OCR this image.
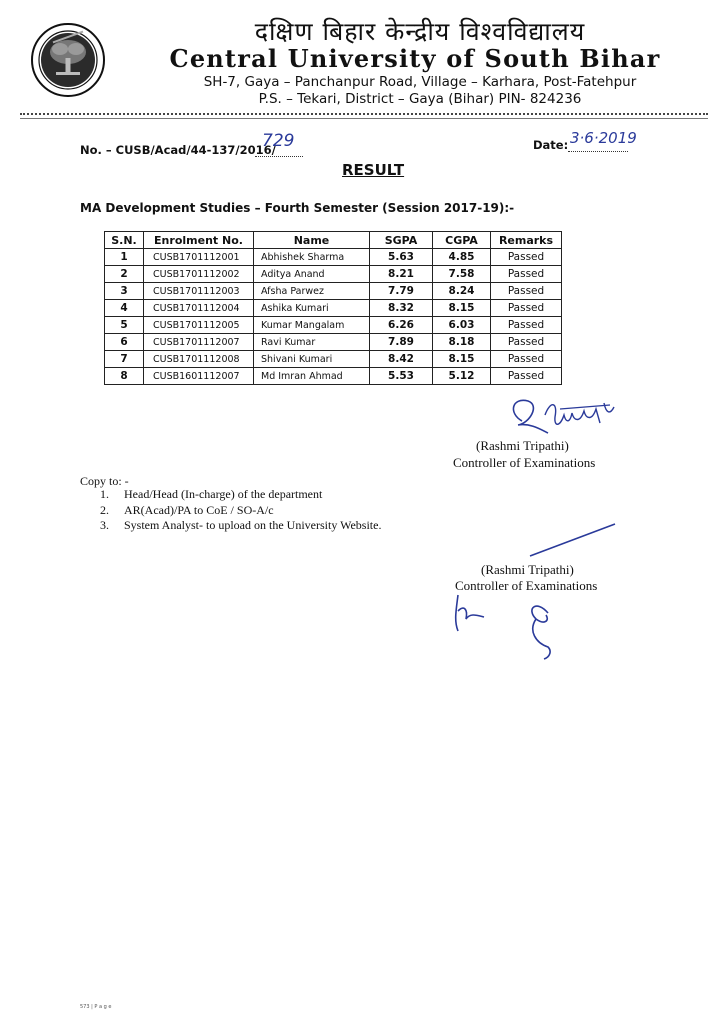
दक्षिण बिहार केन्द्रीय विश्वविद्यालय
Central University of South Bihar
SH-7, Gaya – Panchanpur Road, Village – Karhara, Post-Fatehpur
P.S. – Tekari, District – Gaya (Bihar) PIN- 824236
No. – CUSB/Acad/44-137/2016/
729	Date: 3·6·2019
RESULT
MA Development Studies – Fourth Semester (Session 2017-19):-
S.N.	Enrolment No.	Name	SGPA	CGPA	Remarks
1	CUSB1701112001	Abhishek Sharma	5.63	4.85	Passed
2	CUSB1701112002	Aditya Anand	8.21	7.58	Passed
3	CUSB1701112003	Afsha Parwez	7.79	8.24	Passed
4	CUSB1701112004	Ashika Kumari	8.32	8.15	Passed
5	CUSB1701112005	Kumar Mangalam	6.26	6.03	Passed
6	CUSB1701112007	Ravi Kumar	7.89	8.18	Passed
7	CUSB1701112008	Shivani Kumari	8.42	8.15	Passed
8	CUSB1601112007	Md Imran Ahmad	5.53	5.12	Passed
(Rashmi Tripathi)
Controller of Examinations
Copy to: -
1. Head/Head (In-charge) of the department
2. AR(Acad)/PA to CoE / SO-A/c
3. System Analyst- to upload on the University Website.
(Rashmi Tripathi)
Controller of Examinations
573 | P a g e
